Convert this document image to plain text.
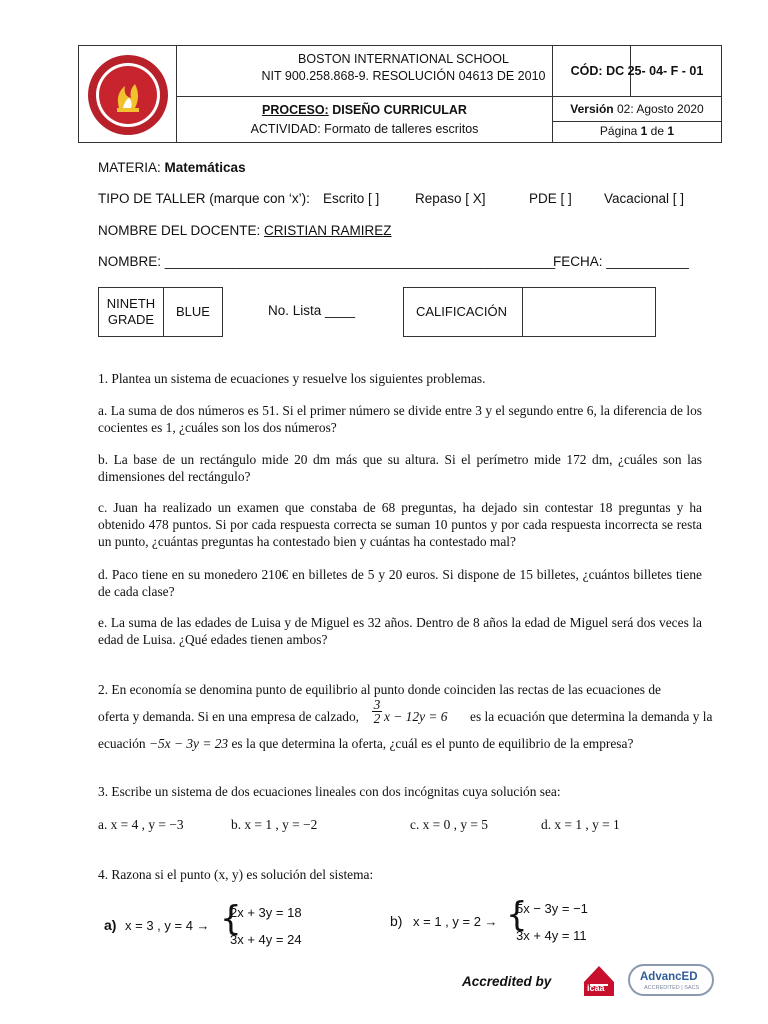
BOSTON INTERNATIONAL SCHOOL
NIT 900.258.868-9. RESOLUCIÓN 04613 DE 2010
PROCESO: DISEÑO CURRICULAR
ACTIVIDAD: Formato de talleres escritos
CÓD: DC 25- 04- F - 01
Versión 02: Agosto 2020
Página 1 de 1
MATERIA: Matemáticas
TIPO DE TALLER (marque con ‘x’): Escrito [ ]	Repaso [ X]	PDE [ ] Vacacional [ ]
NOMBRE DEL DOCENTE: CRISTIAN RAMIREZ
NOMBRE: ____________________________________________________
FECHA: ___________
NINETH GRADE
BLUE	No. Lista ____	CALIFICACIÓN
1. Plantea un sistema de ecuaciones y resuelve los siguientes problemas.
a. La suma de dos números es 51. Si el primer número se divide entre 3 y el segundo entre 6, la diferencia de los cocientes es 1, ¿cuáles son los dos números?
b. La base de un rectángulo mide 20 dm más que su altura. Si el perímetro mide 172 dm, ¿cuáles son las dimensiones del rectángulo?
c. Juan ha realizado un examen que constaba de 68 preguntas, ha dejado sin contestar 18 preguntas y ha obtenido 478 puntos. Si por cada respuesta correcta se suman 10 puntos y por cada respuesta incorrecta se resta un punto, ¿cuántas preguntas ha contestado bien y cuántas ha contestado mal?
d. Paco tiene en su monedero 210€ en billetes de 5 y 20 euros. Si dispone de 15 billetes, ¿cuántos billetes tiene de cada clase?
e. La suma de las edades de Luisa y de Miguel es 32 años. Dentro de 8 años la edad de Miguel será dos veces la edad de Luisa. ¿Qué edades tienen ambos?
2. En economía se denomina punto de equilibrio al punto donde coinciden las rectas de las ecuaciones de
oferta y demanda. Si en una empresa de calzado,
3
2 x − 12y = 6 es la ecuación que determina la demanda y la
ecuación −5x − 3y = 23 es la que determina la oferta, ¿cuál es el punto de equilibrio de la empresa?
3. Escribe un sistema de dos ecuaciones lineales con dos incógnitas cuya solución sea:
a. x = 4 , y = −3	b. x = 1 , y = −2	c. x = 0 , y = 5	d. x = 1 , y = 1
4. Razona si el punto (x, y) es solución del sistema:
a) x = 3 , y = 4 → {
2x + 3y = 18
3x + 4y = 24
b) x = 1 , y = 2 → {
5x − 3y = −1
3x + 4y = 11
Accredited by	icaa
AdvancED
ACCREDITED | SACS
